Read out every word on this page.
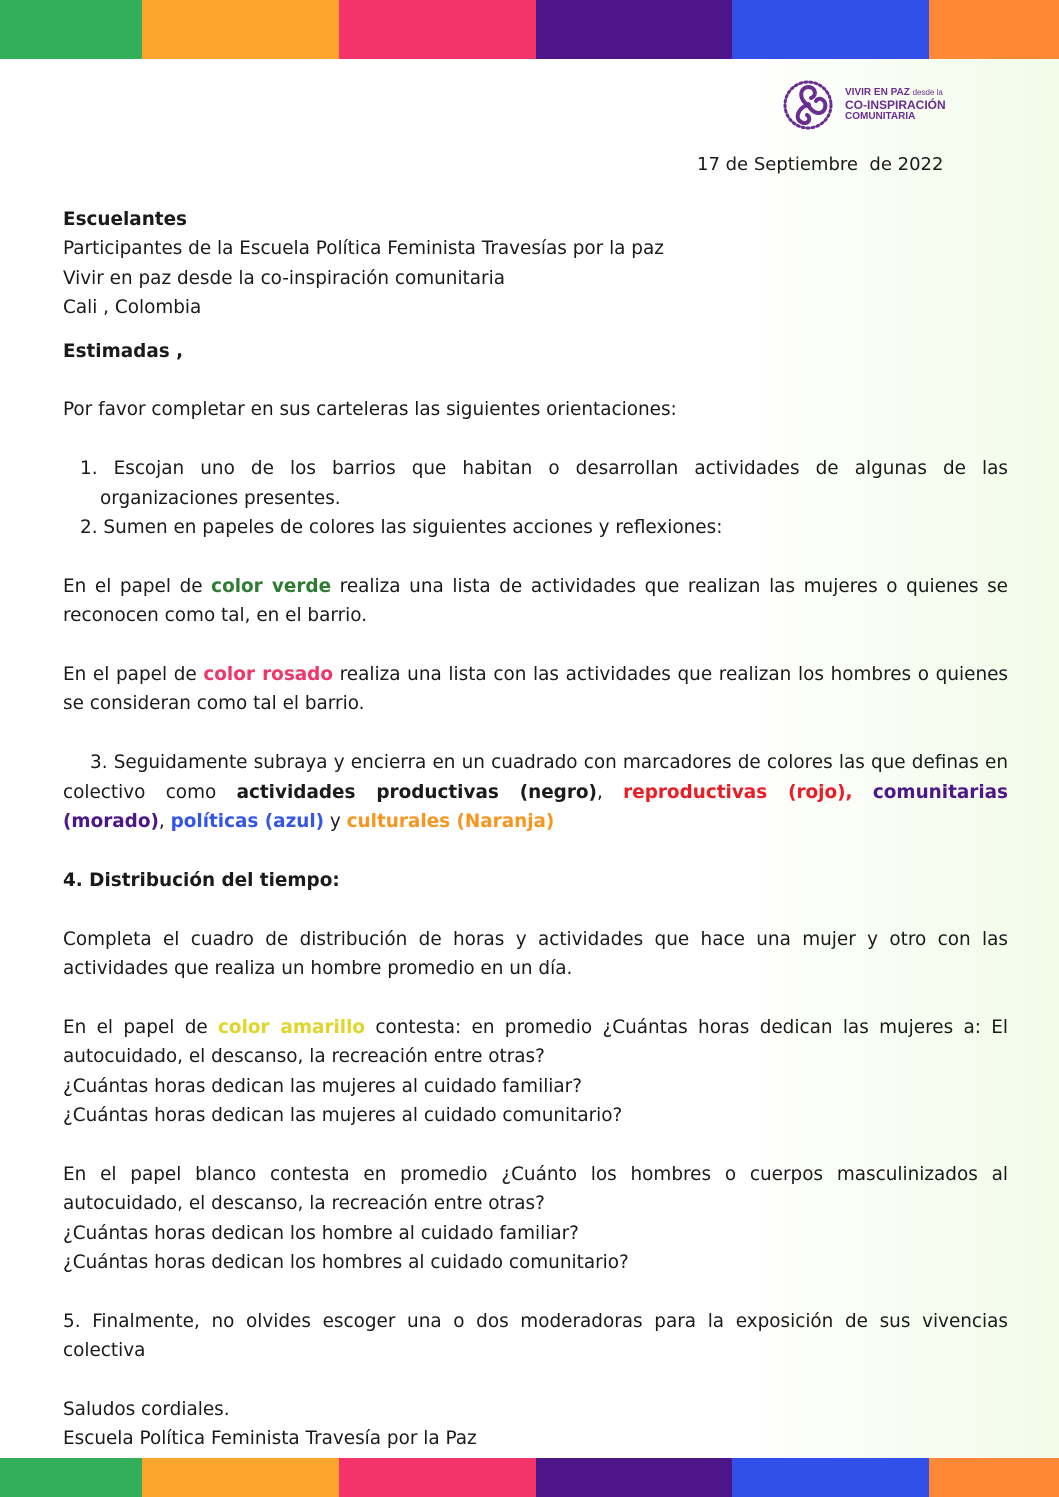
VIVIR EN PAZ desde la
CO-INSPIRACIÓN
COMUNITARIA
17 de Septiembre  de 2022

Escuelantes

Participantes de la Escuela Política Feminista Travesías por la paz

Vivir en paz desde la co-inspiración comunitaria

Cali , Colombia

Estimadas ,

Por favor completar en sus carteleras las siguientes orientaciones:

1. Escojan uno de los barrios que habitan o desarrollan actividades de algunas de las organizaciones presentes.
2. Sumen en papeles de colores las siguientes acciones y reflexiones:

En el papel de color verde realiza una lista de actividades que realizan las mujeres o quienes se reconocen como tal, en el barrio.

En el papel de color rosado realiza una lista con las actividades que realizan los hombres o quienes se consideran como tal el barrio.

3. Seguidamente subraya y encierra en un cuadrado con marcadores de colores las que definas en colectivo como actividades productivas (negro), reproductivas (rojo), comunitarias (morado), políticas (azul) y culturales (Naranja)

4. Distribución del tiempo:

Completa el cuadro de distribución de horas y actividades que hace una mujer y otro con las actividades que realiza un hombre promedio en un día.

En el papel de color amarillo contesta: en promedio ¿Cuántas horas dedican las mujeres a: El autocuidado, el descanso, la recreación entre otras?

¿Cuántas horas dedican las mujeres al cuidado familiar?

¿Cuántas horas dedican las mujeres al cuidado comunitario?

En el papel blanco contesta en promedio ¿Cuánto los hombres o cuerpos masculinizados al autocuidado, el descanso, la recreación entre otras?

¿Cuántas horas dedican los hombre al cuidado familiar?

¿Cuántas horas dedican los hombres al cuidado comunitario?

5. Finalmente, no olvides escoger una o dos moderadoras para la exposición de sus vivencias colectiva

Saludos cordiales.

Escuela Política Feminista Travesía por la Paz
